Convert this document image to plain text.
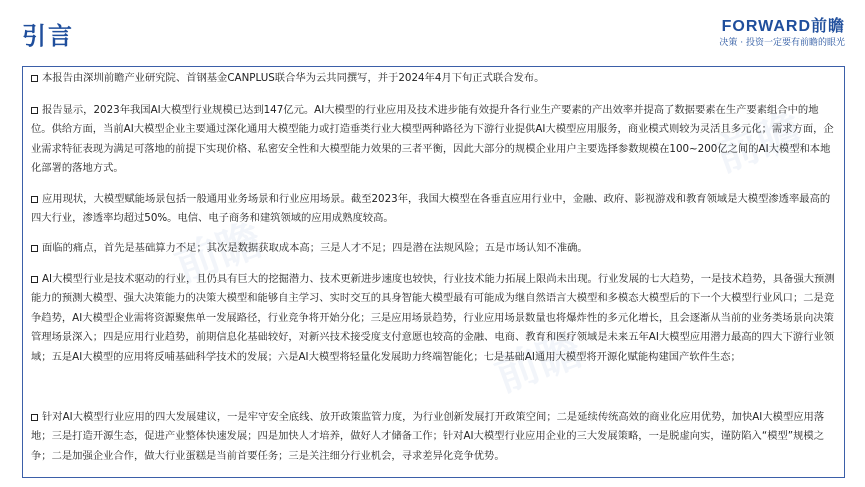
引言	FORWARD前瞻
决策 · 投资一定要有前瞻的眼光
前瞻
前瞻
前瞻
本报告由深圳前瞻产业研究院、首钢基金CANPLUS联合华为云共同撰写，并于2024年4月下旬正式联合发布。
报告显示，2023年我国AI大模型行业规模已达到147亿元。AI大模型的行业应用及技术进步能有效提升各行业生产要素的产出效率并提高了数据要素在生产要素组合中的地位。供给方面，当前AI大模型企业主要通过深化通用大模型能力或打造垂类行业大模型两种路径为下游行业提供AI大模型应用服务，商业模式则较为灵活且多元化；需求方面，企业需求特征表现为满足可落地的前提下实现价格、私密安全性和大模型能力效果的三者平衡，因此大部分的规模企业用户主要选择参数规模在100~200亿之间的AI大模型和本地化部署的落地方式。
应用现状，大模型赋能场景包括一般通用业务场景和行业应用场景。截至2023年，我国大模型在各垂直应用行业中，金融、政府、影视游戏和教育领域是大模型渗透率最高的四大行业，渗透率均超过50%。电信、电子商务和建筑领域的应用成熟度较高。
面临的痛点，首先是基础算力不足；其次是数据获取成本高；三是人才不足；四是潜在法规风险；五是市场认知不准确。
AI大模型行业是技术驱动的行业，且仍具有巨大的挖掘潜力、技术更新进步速度也较快，行业技术能力拓展上限尚未出现。行业发展的七大趋势，一是技术趋势，具备强大预测能力的预测大模型、强大决策能力的决策大模型和能够自主学习、实时交互的具身智能大模型最有可能成为继自然语言大模型和多模态大模型后的下一个大模型行业风口；二是竞争趋势，AI大模型企业需将资源聚焦单一发展路径，行业竞争将开始分化；三是应用场景趋势，行业应用场景数量也将爆炸性的多元化增长，且会逐渐从当前的业务类场景向决策管理场景深入；四是应用行业趋势，前期信息化基础较好，对新兴技术接受度支付意愿也较高的金融、电商、教育和医疗领域是未来五年AI大模型应用潜力最高的四大下游行业领域；五是AI大模型的应用将反哺基础科学技术的发展；六是AI大模型将轻量化发展助力终端智能化；七是基础AI通用大模型将开源化赋能构建国产软件生态；
针对AI大模型行业应用的四大发展建议，一是牢守安全底线、放开政策监管力度，为行业创新发展打开政策空间；二是延续传统高效的商业化应用优势，加快AI大模型应用落地；三是打造开源生态，促进产业整体快速发展；四是加快人才培养，做好人才储备工作；针对AI大模型行业应用企业的三大发展策略，一是脱虚向实，谨防陷入“模型”规模之争；二是加强企业合作，做大行业蛋糕是当前首要任务；三是关注细分行业机会，寻求差异化竞争优势。
